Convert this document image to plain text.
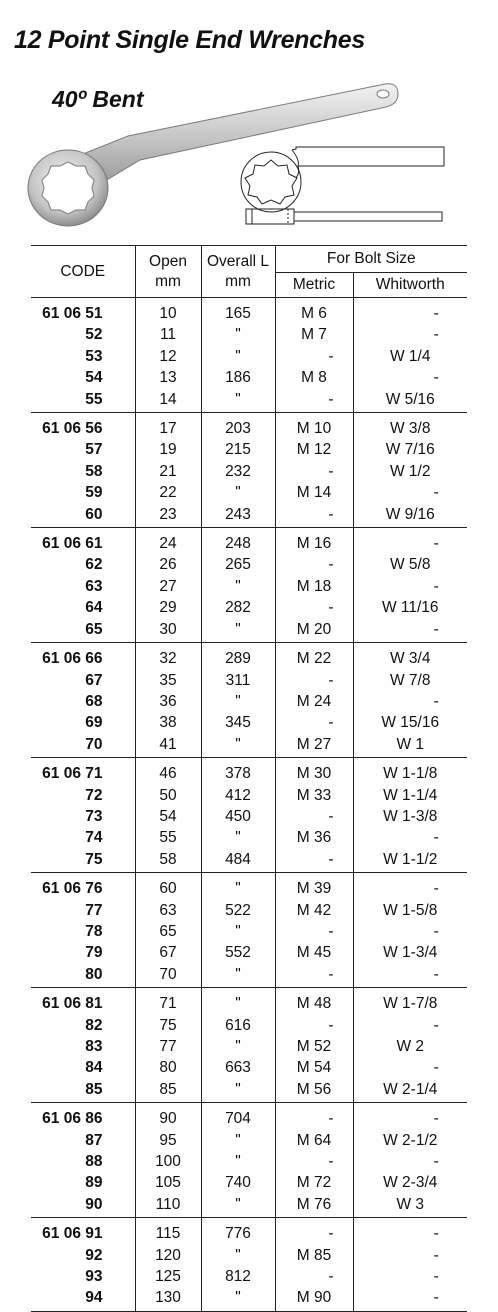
12 Point Single End Wrenches
40º Bent
CODE	Open mm	Overall L mm	For Bolt Size	
			Metric	Whitworth
61 06 51	10	165	M 6	-
52	11	"	M 7	-
53	12	"	-	W 1/4
54	13	186	M 8	-
55	14	"	-	W 5/16
61 06 56	17	203	M 10	W 3/8
57	19	215	M 12	W 7/16
58	21	232	-	W 1/2
59	22	"	M 14	-
60	23	243	-	W 9/16
61 06 61	24	248	M 16	-
62	26	265	-	W 5/8
63	27	"	M 18	-
64	29	282	-	W 11/16
65	30	"	M 20	-
61 06 66	32	289	M 22	W 3/4
67	35	311	-	W 7/8
68	36	"	M 24	-
69	38	345	-	W 15/16
70	41	"	M 27	W 1
61 06 71	46	378	M 30	W 1-1/8
72	50	412	M 33	W 1-1/4
73	54	450	-	W 1-3/8
74	55	"	M 36	-
75	58	484	-	W 1-1/2
61 06 76	60	"	M 39	-
77	63	522	M 42	W 1-5/8
78	65	"	-	-
79	67	552	M 45	W 1-3/4
80	70	"	-	-
61 06 81	71	"	M 48	W 1-7/8
82	75	616	-	-
83	77	"	M 52	W 2
84	80	663	M 54	-
85	85	"	M 56	W 2-1/4
61 06 86	90	704	-	-
87	95	"	M 64	W 2-1/2
88	100	"	-	-
89	105	740	M 72	W 2-3/4
90	110	"	M 76	W 3
61 06 91	115	776	-	-
92	120	"	M 85	-
93	125	812	-	-
94	130	"	M 90	-
